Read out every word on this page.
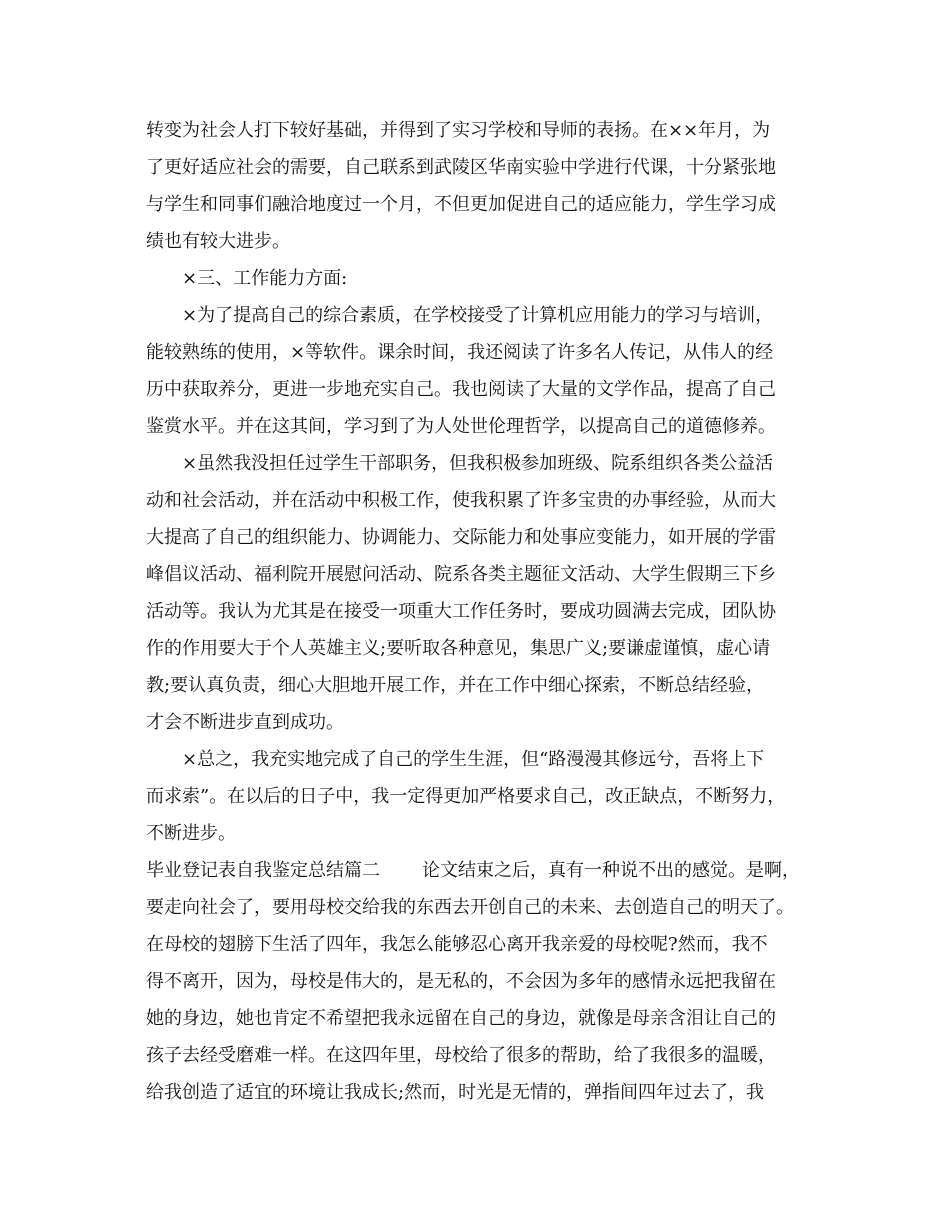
转变为社会人打下较好基础，并得到了实习学校和导师的表扬。在××年月，为
了更好适应社会的需要，自己联系到武陵区华南实验中学进行代课，十分紧张地
与学生和同事们融洽地度过一个月，不但更加促进自己的适应能力，学生学习成
绩也有较大进步。
×三、工作能力方面:
×为了提高自己的综合素质，在学校接受了计算机应用能力的学习与培训，
能较熟练的使用，×等软件。课余时间，我还阅读了许多名人传记，从伟人的经
历中获取养分，更进一步地充实自己。我也阅读了大量的文学作品，提高了自己
鉴赏水平。并在这其间，学习到了为人处世伦理哲学，以提高自己的道德修养。
×虽然我没担任过学生干部职务，但我积极参加班级、院系组织各类公益活
动和社会活动，并在活动中积极工作，使我积累了许多宝贵的办事经验，从而大
大提高了自己的组织能力、协调能力、交际能力和处事应变能力，如开展的学雷
峰倡议活动、福利院开展慰问活动、院系各类主题征文活动、大学生假期三下乡
活动等。我认为尤其是在接受一项重大工作任务时，要成功圆满去完成，团队协
作的作用要大于个人英雄主义;要听取各种意见，集思广义;要谦虚谨慎，虚心请
教;要认真负责，细心大胆地开展工作，并在工作中细心探索，不断总结经验，
才会不断进步直到成功。
×总之，我充实地完成了自己的学生生涯，但“路漫漫其修远兮，吾将上下
而求索”。在以后的日子中，我一定得更加严格要求自己，改正缺点，不断努力，
不断进步。
毕业登记表自我鉴定总结篇二 论文结束之后，真有一种说不出的感觉。是啊，
要走向社会了，要用母校交给我的东西去开创自己的未来、去创造自己的明天了。
在母校的翅膀下生活了四年，我怎么能够忍心离开我亲爱的母校呢?然而，我不
得不离开，因为，母校是伟大的，是无私的，不会因为多年的感情永远把我留在
她的身边，她也肯定不希望把我永远留在自己的身边，就像是母亲含泪让自己的
孩子去经受磨难一样。在这四年里，母校给了很多的帮助，给了我很多的温暖，
给我创造了适宜的环境让我成长;然而，时光是无情的，弹指间四年过去了，我
